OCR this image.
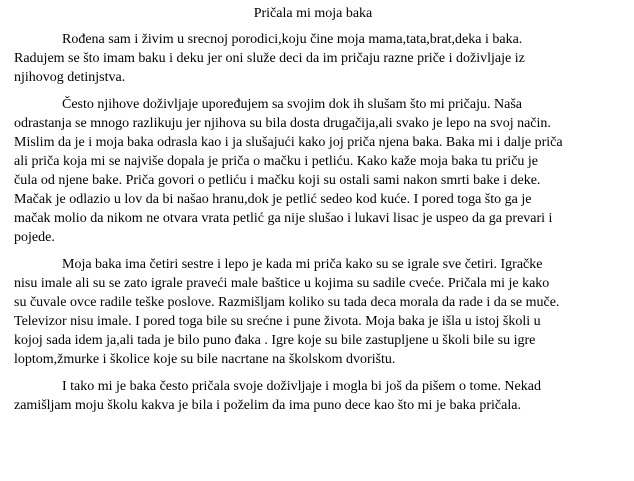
Pričala mi moja baka

Rođena sam i živim u srecnoj porodici,koju čine moja mama,tata,brat,deka i baka.
Radujem se što imam baku i deku jer oni služe deci da im pričaju razne priče i doživljaje iz
njihovog detinjstva.

Često njihove doživljaje upoređujem sa svojim dok ih slušam što mi pričaju. Naša
odrastanja se mnogo razlikuju jer njihova su bila dosta drugačija,ali svako je lepo na svoj način.
Mislim da je i moja baka odrasla kao i ja slušajući kako joj priča njena baka. Baka mi i dalje priča
ali priča koja mi se najviše dopala je priča o mačku i petliću. Kako kaže moja baka tu priču je
čula od njene bake. Priča govori o petliću i mačku koji su ostali sami nakon smrti bake i deke.
Mačak je odlazio u lov da bi našao hranu,dok je petlić sedeo kod kuće. I pored toga što ga je
mačak molio da nikom ne otvara vrata petlić ga nije slušao i lukavi lisac je uspeo da ga prevari i
pojede.

Moja baka ima četiri sestre i lepo je kada mi priča kako su se igrale sve četiri. Igračke
nisu imale ali su se zato igrale praveći male baštice u kojima su sadile cveće. Pričala mi je kako
su čuvale ovce radile teške poslove. Razmišljam koliko su tada deca morala da rade i da se muče.
Televizor nisu imale. I pored toga bile su srećne i pune života. Moja baka je išla u istoj školi u
kojoj sada idem ja,ali tada je bilo puno đaka . Igre koje su bile zastupljene u školi bile su igre
loptom,žmurke i školice koje su bile nacrtane na školskom dvorištu.

I tako mi je baka često pričala svoje doživljaje i mogla bi još da pišem o tome. Nekad
zamišljam moju školu kakva je bila i poželim da ima puno dece kao što mi je baka pričala.
